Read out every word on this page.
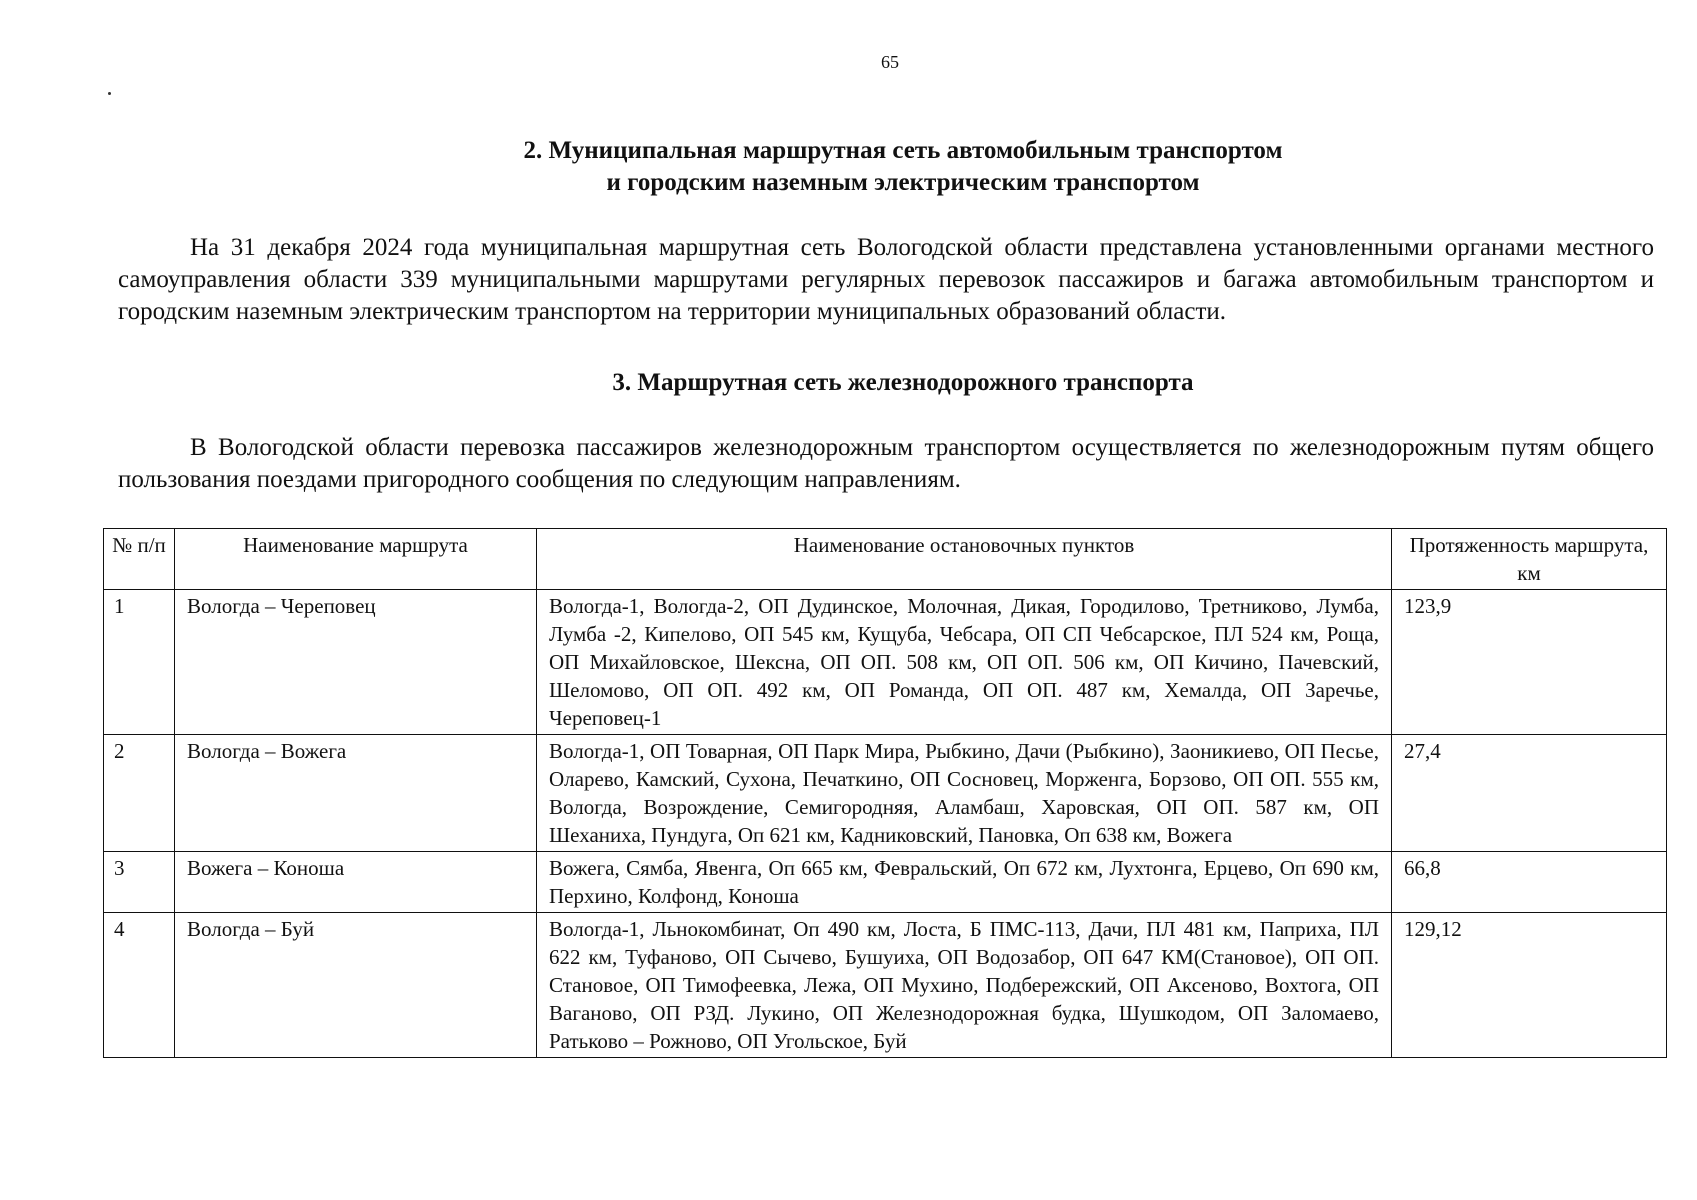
65
2. Муниципальная маршрутная сеть автомобильным транспортом
и городским наземным электрическим транспортом
На 31 декабря 2024 года муниципальная маршрутная сеть Вологодской области представлена установленными органами местного самоуправления области 339 муниципальными маршрутами регулярных перевозок пассажиров и багажа автомобильным транспортом и городским наземным электрическим транспортом на территории муниципальных образований области.
3. Маршрутная сеть железнодорожного транспорта
В Вологодской области перевозка пассажиров железнодорожным транспортом осуществляется по железнодорожным путям общего пользования поездами пригородного сообщения по следующим направлениям.
№ п/п	Наименование маршрута	Наименование остановочных пунктов	Протяженность маршрута, км
1	Вологда – Череповец	Вологда-1, Вологда-2, ОП Дудинское, Молочная, Дикая, Городилово, Третниково, Лумба, Лумба -2, Кипелово, ОП 545 км, Кущуба, Чебсара, ОП СП Чебсарское, ПЛ 524 км, Роща, ОП Михайловское, Шексна, ОП ОП. 508 км, ОП ОП. 506 км, ОП Кичино, Пачевский, Шеломово, ОП ОП. 492 км, ОП Романда, ОП ОП. 487 км, Хемалда, ОП Заречье, Череповец-1	123,9
2	Вологда – Вожега	Вологда-1, ОП Товарная, ОП Парк Мира, Рыбкино, Дачи (Рыбкино), Заоникиево, ОП Песье, Оларево, Камский, Сухона, Печаткино, ОП Сосновец, Морженга, Борзово, ОП ОП. 555 км, Вологда, Возрождение, Семигородняя, Аламбаш, Харовская, ОП ОП. 587 км, ОП Шеханиха, Пундуга, Оп 621 км, Кадниковский, Пановка, Оп 638 км, Вожега	27,4
3	Вожега – Коноша	Вожега, Сямба, Явенга, Оп 665 км, Февральский, Оп 672 км, Лухтонга, Ерцево, Оп 690 км, Перхино, Колфонд, Коноша	66,8
4	Вологда – Буй	Вологда-1, Льнокомбинат, Оп 490 км, Лоста, Б ПМС-113, Дачи, ПЛ 481 км, Паприха, ПЛ 622 км, Туфаново, ОП Сычево, Бушуиха, ОП Водозабор, ОП 647 КМ(Становое), ОП ОП. Становое, ОП Тимофеевка, Лежа, ОП Мухино, Подбережский, ОП Аксеново, Вохтога, ОП Ваганово, ОП РЗД. Лукино, ОП Железнодорожная будка, Шушкодом, ОП Заломаево, Ратьково – Рожново, ОП Угольское, Буй	129,12
